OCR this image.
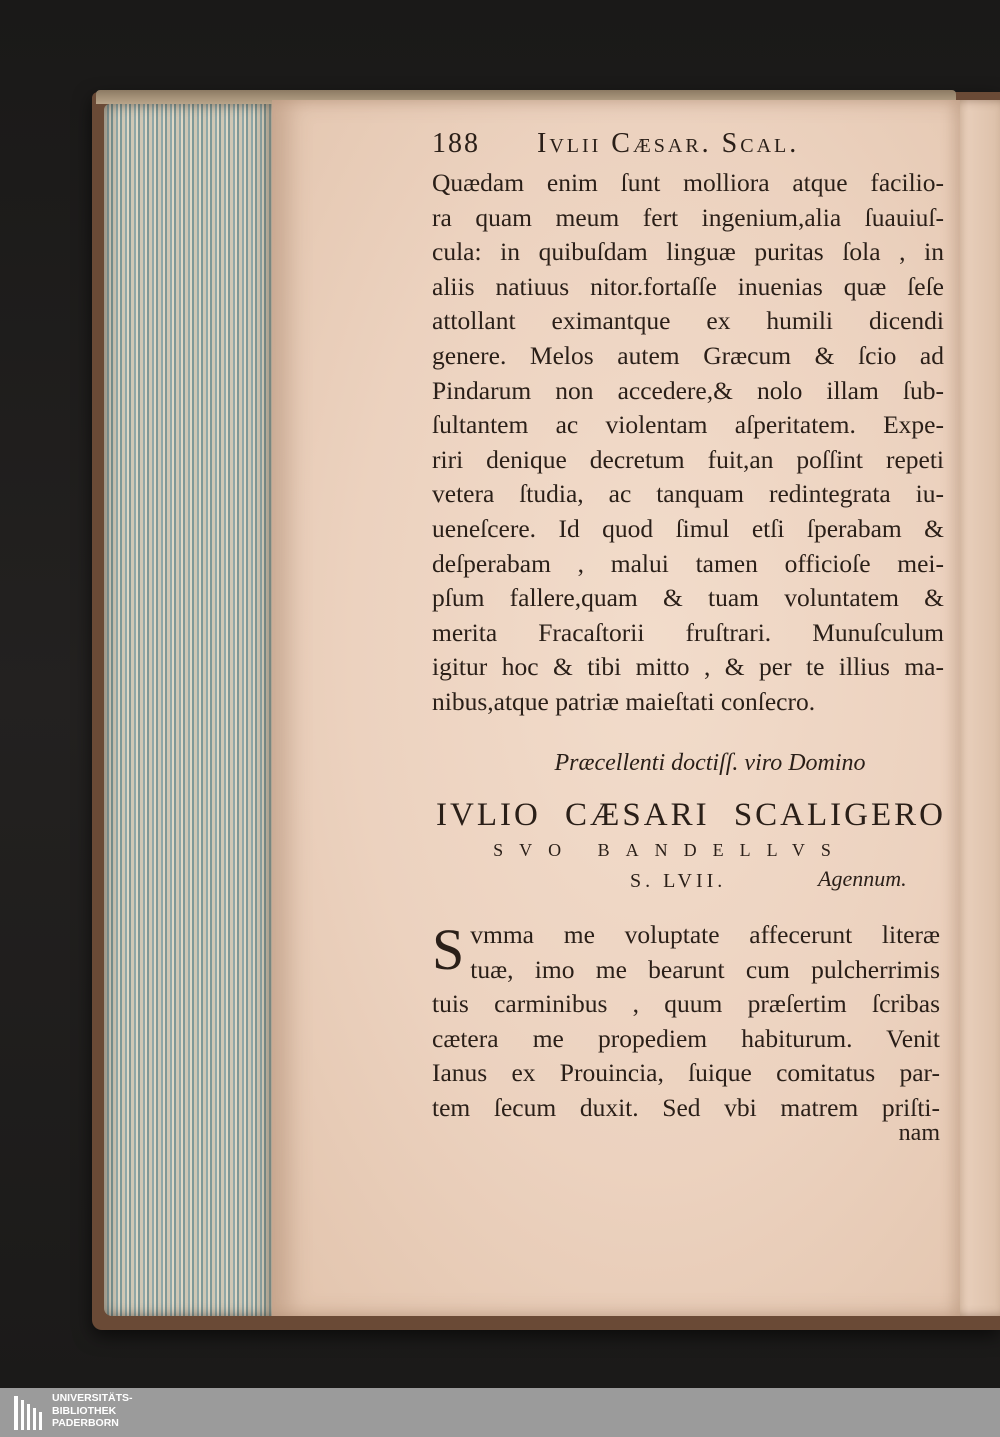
188 Ivlii Cæsar. Scal.
Quædam enim ſunt molliora atque facilio-
ra quam meum fert ingenium,alia ſuauiuſ-
cula: in quibuſdam linguæ puritas ſola , in
aliis natiuus nitor.fortaſſe inuenias quæ ſeſe
attollant eximantque ex humili dicendi
genere. Melos autem Græcum & ſcio ad
Pindarum non accedere,& nolo illam ſub-
ſultantem ac violentam aſperitatem. Expe-
riri denique decretum fuit,an poſſint repeti
vetera ſtudia, ac tanquam redintegrata iu-
ueneſcere. Id quod ſimul etſi ſperabam &
deſperabam , malui tamen officioſe mei-
pſum fallere,quam & tuam voluntatem &
merita Fracaſtorii fruſtrari. Munuſculum
igitur hoc & tibi mitto , & per te illius ma-
nibus,atque patriæ maieſtati conſecro.
Præcellenti doctiſſ. viro Domino
IVLIO CÆSARI SCALIGERO
SVO BANDELLVS
S. LVII.	Agennum.
S vmma me voluptate affecerunt literæ
tuæ, imo me bearunt cum pulcherrimis
tuis carminibus , quum præſertim ſcribas
cætera me propediem habiturum. Venit
Ianus ex Prouincia, ſuique comitatus par-
tem ſecum duxit. Sed vbi matrem priſti-
nam
UNIVERSITÄTS-
BIBLIOTHEK
PADERBORN
